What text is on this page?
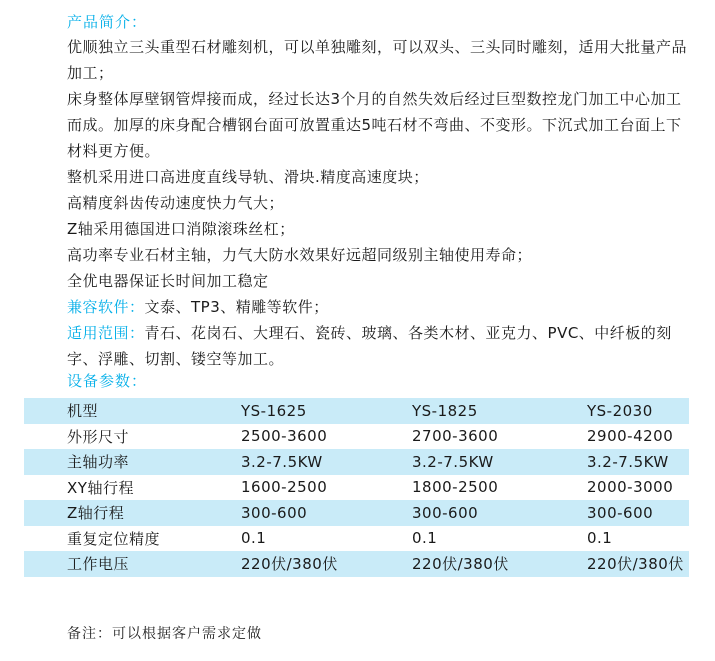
产品简介：
优顺独立三头重型石材雕刻机，可以单独雕刻，可以双头、三头同时雕刻，适用大批量产品加工；
床身整体厚壁钢管焊接而成，经过长达3个月的自然失效后经过巨型数控龙门加工中心加工而成。加厚的床身配合槽钢台面可放置重达5吨石材不弯曲、不变形。下沉式加工台面上下材料更方便。
整机采用进口高进度直线导轨、滑块.精度高速度块；
高精度斜齿传动速度快力气大；
Z轴采用德国进口消隙滚珠丝杠；
高功率专业石材主轴，力气大防水效果好远超同级别主轴使用寿命；
全优电器保证长时间加工稳定
兼容软件：文泰、TP3、精雕等软件；
适用范围：青石、花岗石、大理石、瓷砖、玻璃、各类木材、亚克力、PVC、中纤板的刻字、浮雕、切割、镂空等加工。
设备参数：
机型	YS-1625	YS-1825	YS-2030
外形尺寸	2500-3600	2700-3600	2900-4200
主轴功率	3.2-7.5KW	3.2-7.5KW	3.2-7.5KW
XY轴行程	1600-2500	1800-2500	2000-3000
Z轴行程	300-600	300-600	300-600
重复定位精度	0.1	0.1	0.1
工作电压	220伏/380伏	220伏/380伏	220伏/380伏
备注：可以根据客户需求定做
